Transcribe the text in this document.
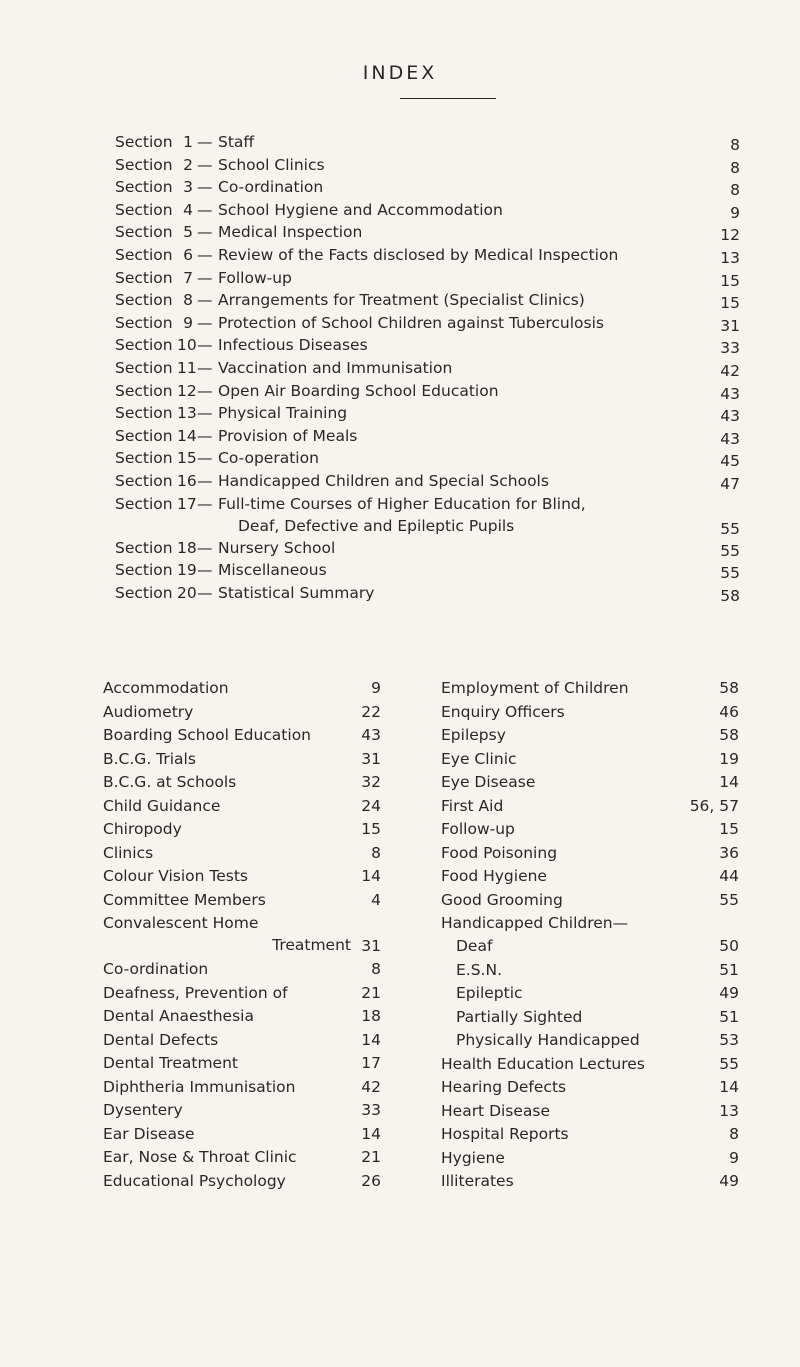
INDEX
Section 1 — Staff	8
Section 2 — School Clinics	8
Section 3 — Co-ordination	8
Section 4 — School Hygiene and Accommodation	9
Section 5 — Medical Inspection	12
Section 6 — Review of the Facts disclosed by Medical Inspection	13
Section 7 — Follow-up	15
Section 8 — Arrangements for Treatment (Specialist Clinics)	15
Section 9 — Protection of School Children against Tuberculosis	31
Section 10 — Infectious Diseases	33
Section 11 — Vaccination and Immunisation	42
Section 12 — Open Air Boarding School Education	43
Section 13 — Physical Training	43
Section 14 — Provision of Meals	43
Section 15 — Co-operation	45
Section 16 — Handicapped Children and Special Schools	47
Section 17 — Full-time Courses of Higher Education for Blind,
Deaf, Defective and Epileptic Pupils	55
Section 18 — Nursery School	55
Section 19 — Miscellaneous	55
Section 20 — Statistical Summary	58
Accommodation	9
Audiometry	22
Boarding School Education	43
B.C.G. Trials	31
B.C.G. at Schools	32
Child Guidance	24
Chiropody	15
Clinics	8
Colour Vision Tests	14
Committee Members	4
Convalescent Home
Treatment 31
Co-ordination	8
Deafness, Prevention of	21
Dental Anaesthesia	18
Dental Defects	14
Dental Treatment	17
Diphtheria Immunisation	42
Dysentery	33
Ear Disease	14
Ear, Nose & Throat Clinic	21
Educational Psychology	26
Employment of Children	58
Enquiry Officers	46
Epilepsy	58
Eye Clinic	19
Eye Disease	14
First Aid	56, 57
Follow-up	15
Food Poisoning	36
Food Hygiene	44
Good Grooming	55
Handicapped Children—
Deaf	50
E.S.N.	51
Epileptic	49
Partially Sighted	51
Physically Handicapped	53
Health Education Lectures	55
Hearing Defects	14
Heart Disease	13
Hospital Reports	8
Hygiene	9
Illiterates	49
